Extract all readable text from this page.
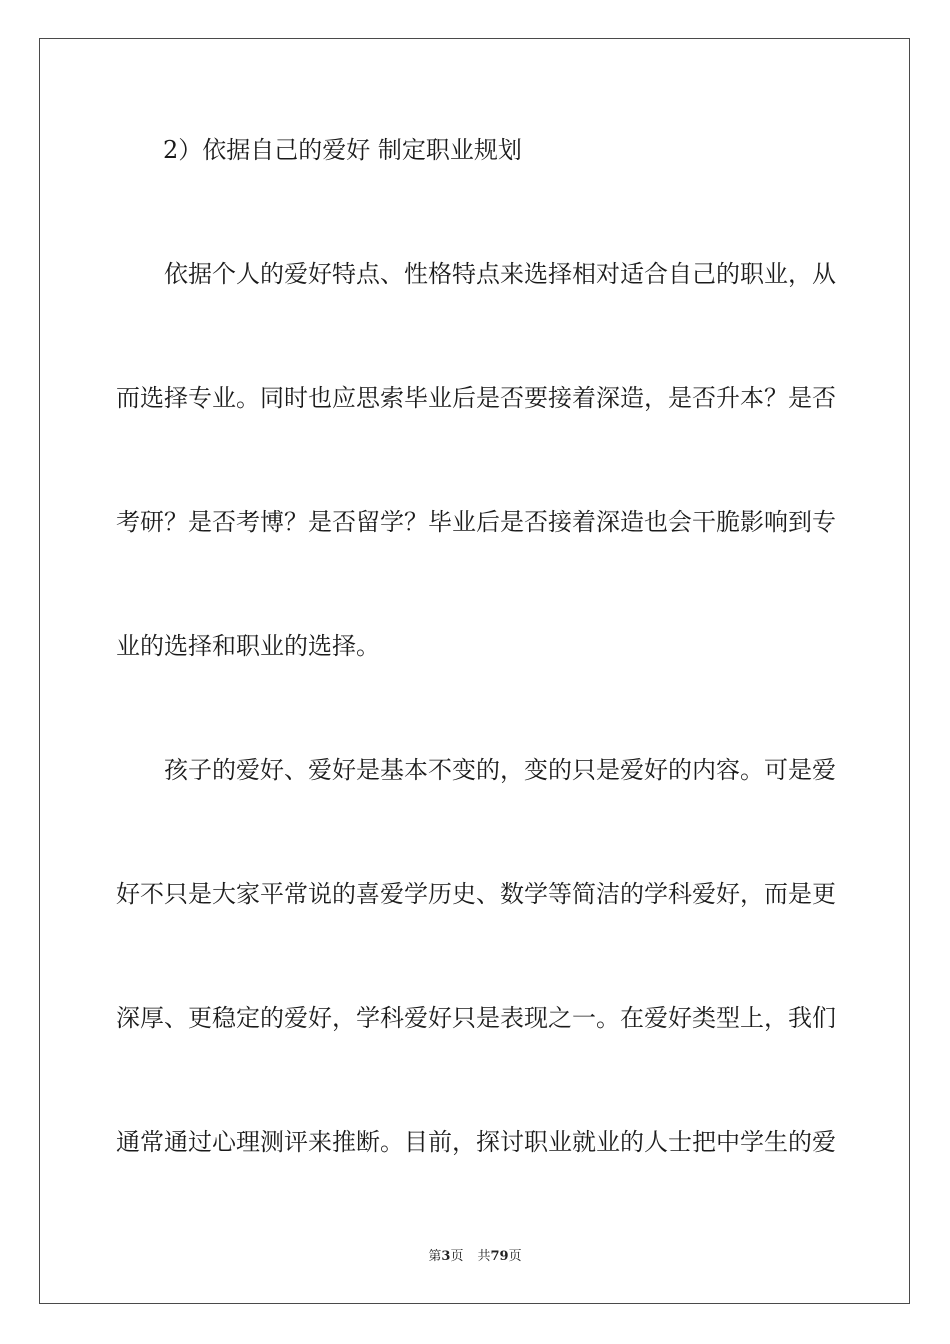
2）依据自己的爱好 制定职业规划

依据个人的爱好特点、性格特点来选择相对适合自己的职业，从

而选择专业。同时也应思索毕业后是否要接着深造，是否升本？是否

考研？是否考博？是否留学？毕业后是否接着深造也会干脆影响到专

业的选择和职业的选择。

孩子的爱好、爱好是基本不变的，变的只是爱好的内容。可是爱

好不只是大家平常说的喜爱学历史、数学等简洁的学科爱好，而是更

深厚、更稳定的爱好，学科爱好只是表现之一。在爱好类型上，我们

通常通过心理测评来推断。目前，探讨职业就业的人士把中学生的爱

第3页 共79页
